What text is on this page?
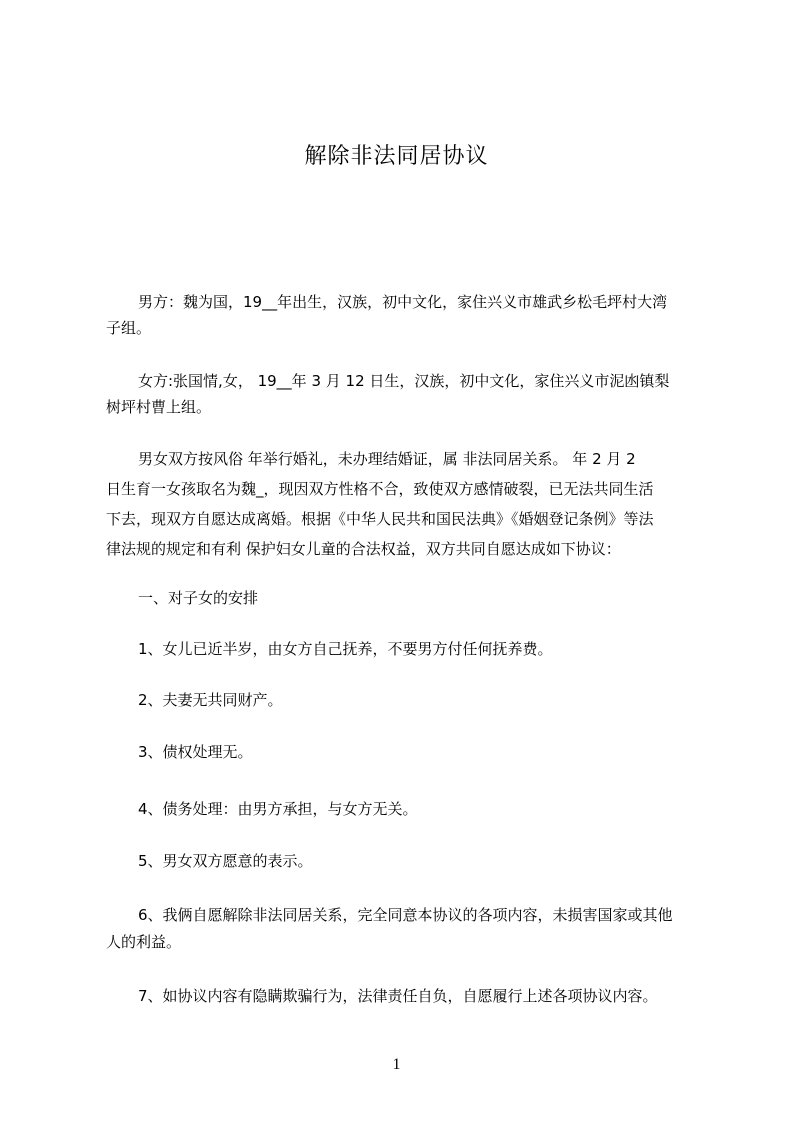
解除非法同居协议
男方：魏为国，19__年出生，汉族，初中文化，家住兴义市雄武乡松毛坪村大湾
子组。
女方:张国情,女， 19__年 3 月 12 日生，汉族，初中文化，家住兴义市泥凼镇梨
树坪村曹上组。
男女双方按风俗 年举行婚礼，未办理结婚证，属 非法同居关系。 年 2 月 2
日生育一女孩取名为魏_，现因双方性格不合，致使双方感情破裂，已无法共同生活
下去，现双方自愿达成离婚。根据《中华人民共和国民法典》《婚姻登记条例》等法
律法规的规定和有利 保护妇女儿童的合法权益，双方共同自愿达成如下协议：
一、对子女的安排
1、女儿已近半岁，由女方自己抚养，不要男方付任何抚养费。
2、夫妻无共同财产。
3、债权处理无。
4、债务处理：由男方承担，与女方无关。
5、男女双方愿意的表示。
6、我俩自愿解除非法同居关系，完全同意本协议的各项内容，未损害国家或其他
人的利益。
7、如协议内容有隐瞒欺骗行为，法律责任自负，自愿履行上述各项协议内容。
1
